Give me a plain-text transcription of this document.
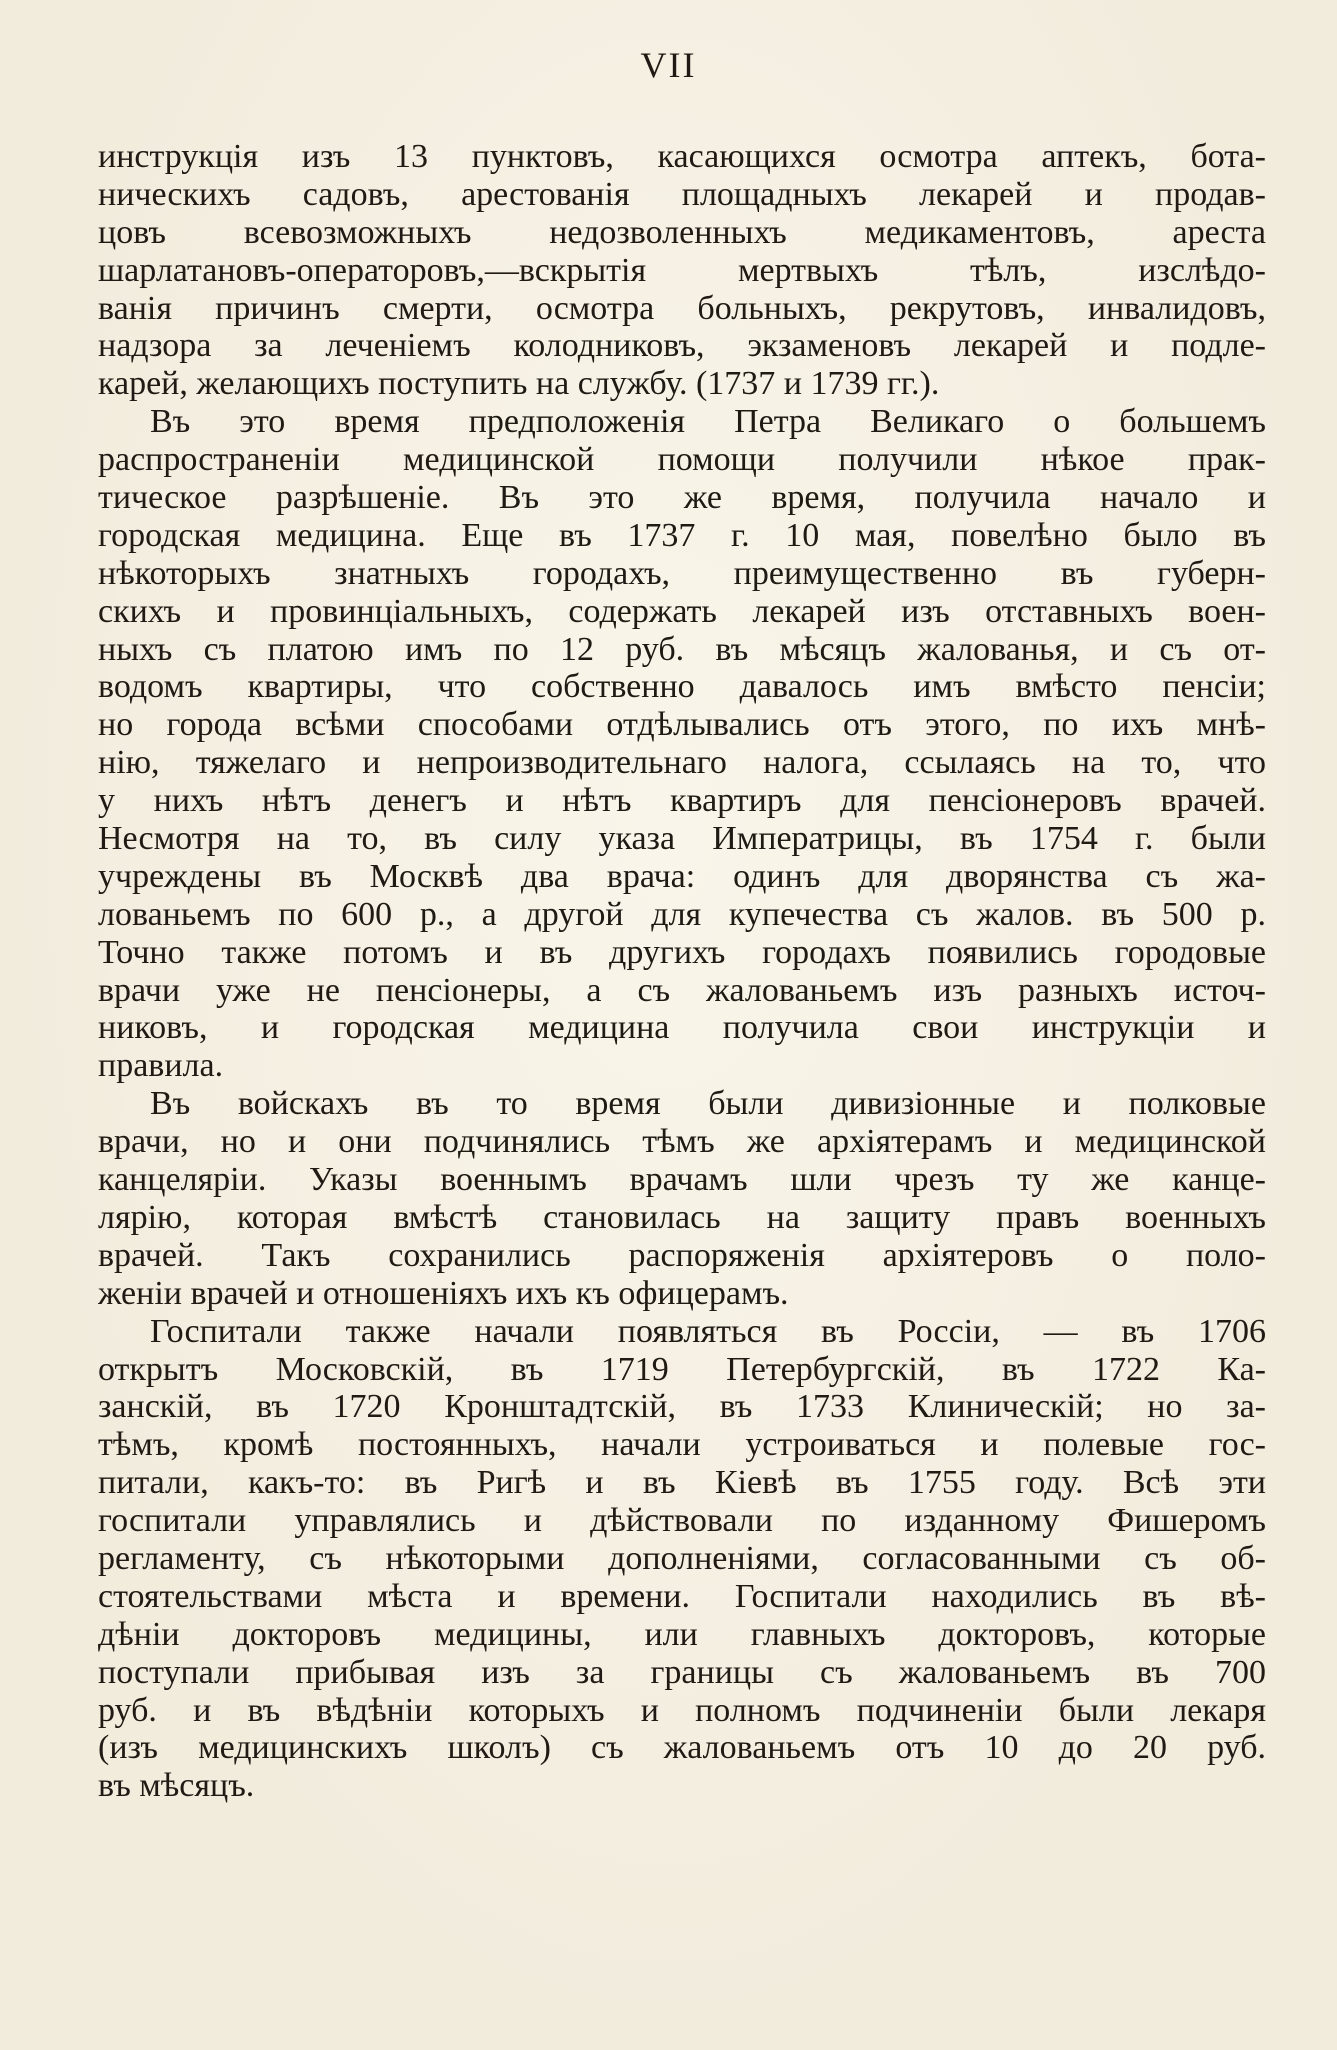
VII
инструкція изъ 13 пунктовъ, касающихся осмотра аптекъ, бота-
ническихъ садовъ, арестованія площадныхъ лекарей и продав-
цовъ всевозможныхъ недозволенныхъ медикаментовъ, ареста
шарлатановъ-операторовъ,—вскрытія мертвыхъ тѣлъ, изслѣдо-
ванія причинъ смерти, осмотра больныхъ, рекрутовъ, инвалидовъ,
надзора за леченіемъ колодниковъ, экзаменовъ лекарей и подле-
карей, желающихъ поступить на службу. (1737 и 1739 гг.).
Въ это время предположенія Петра Великаго о большемъ
распространеніи медицинской помощи получили нѣкое прак-
тическое разрѣшеніе. Въ это же время, получила начало и
городская медицина. Еще въ 1737 г. 10 мая, повелѣно было въ
нѣкоторыхъ знатныхъ городахъ, преимущественно въ губерн-
скихъ и провинціальныхъ, содержать лекарей изъ отставныхъ воен-
ныхъ съ платою имъ по 12 руб. въ мѣсяцъ жалованья, и съ от-
водомъ квартиры, что собственно давалось имъ вмѣсто пенсіи;
но города всѣми способами отдѣлывались отъ этого, по ихъ мнѣ-
нію, тяжелаго и непроизводительнаго налога, ссылаясь на то, что
у нихъ нѣтъ денегъ и нѣтъ квартиръ для пенсіонеровъ врачей.
Несмотря на то, въ силу указа Императрицы, въ 1754 г. были
учреждены въ Москвѣ два врача: одинъ для дворянства съ жа-
лованьемъ по 600 р., а другой для купечества съ жалов. въ 500 р.
Точно также потомъ и въ другихъ городахъ появились городовые
врачи уже не пенсіонеры, а съ жалованьемъ изъ разныхъ источ-
никовъ, и городская медицина получила свои инструкціи и
правила.
Въ войскахъ въ то время были дивизіонные и полковые
врачи, но и они подчинялись тѣмъ же архіятерамъ и медицинской
канцеляріи. Указы военнымъ врачамъ шли чрезъ ту же канце-
лярію, которая вмѣстѣ становилась на защиту правъ военныхъ
врачей. Такъ сохранились распоряженія архіятеровъ о поло-
женіи врачей и отношеніяхъ ихъ къ офицерамъ.
Госпитали также начали появляться въ Россіи, — въ 1706
открытъ Московскій, въ 1719 Петербургскій, въ 1722 Ка-
занскій, въ 1720 Кронштадтскій, въ 1733 Клиническій; но за-
тѣмъ, кромѣ постоянныхъ, начали устроиваться и полевые гос-
питали, какъ-то: въ Ригѣ и въ Кіевѣ въ 1755 году. Всѣ эти
госпитали управлялись и дѣйствовали по изданному Фишеромъ
регламенту, съ нѣкоторыми дополненіями, согласованными съ об-
стоятельствами мѣста и времени. Госпитали находились въ вѣ-
дѣніи докторовъ медицины, или главныхъ докторовъ, которые
поступали прибывая изъ за границы съ жалованьемъ въ 700
руб. и въ вѣдѣніи которыхъ и полномъ подчиненіи были лекаря
(изъ медицинскихъ школъ) съ жалованьемъ отъ 10 до 20 руб.
въ мѣсяцъ.
